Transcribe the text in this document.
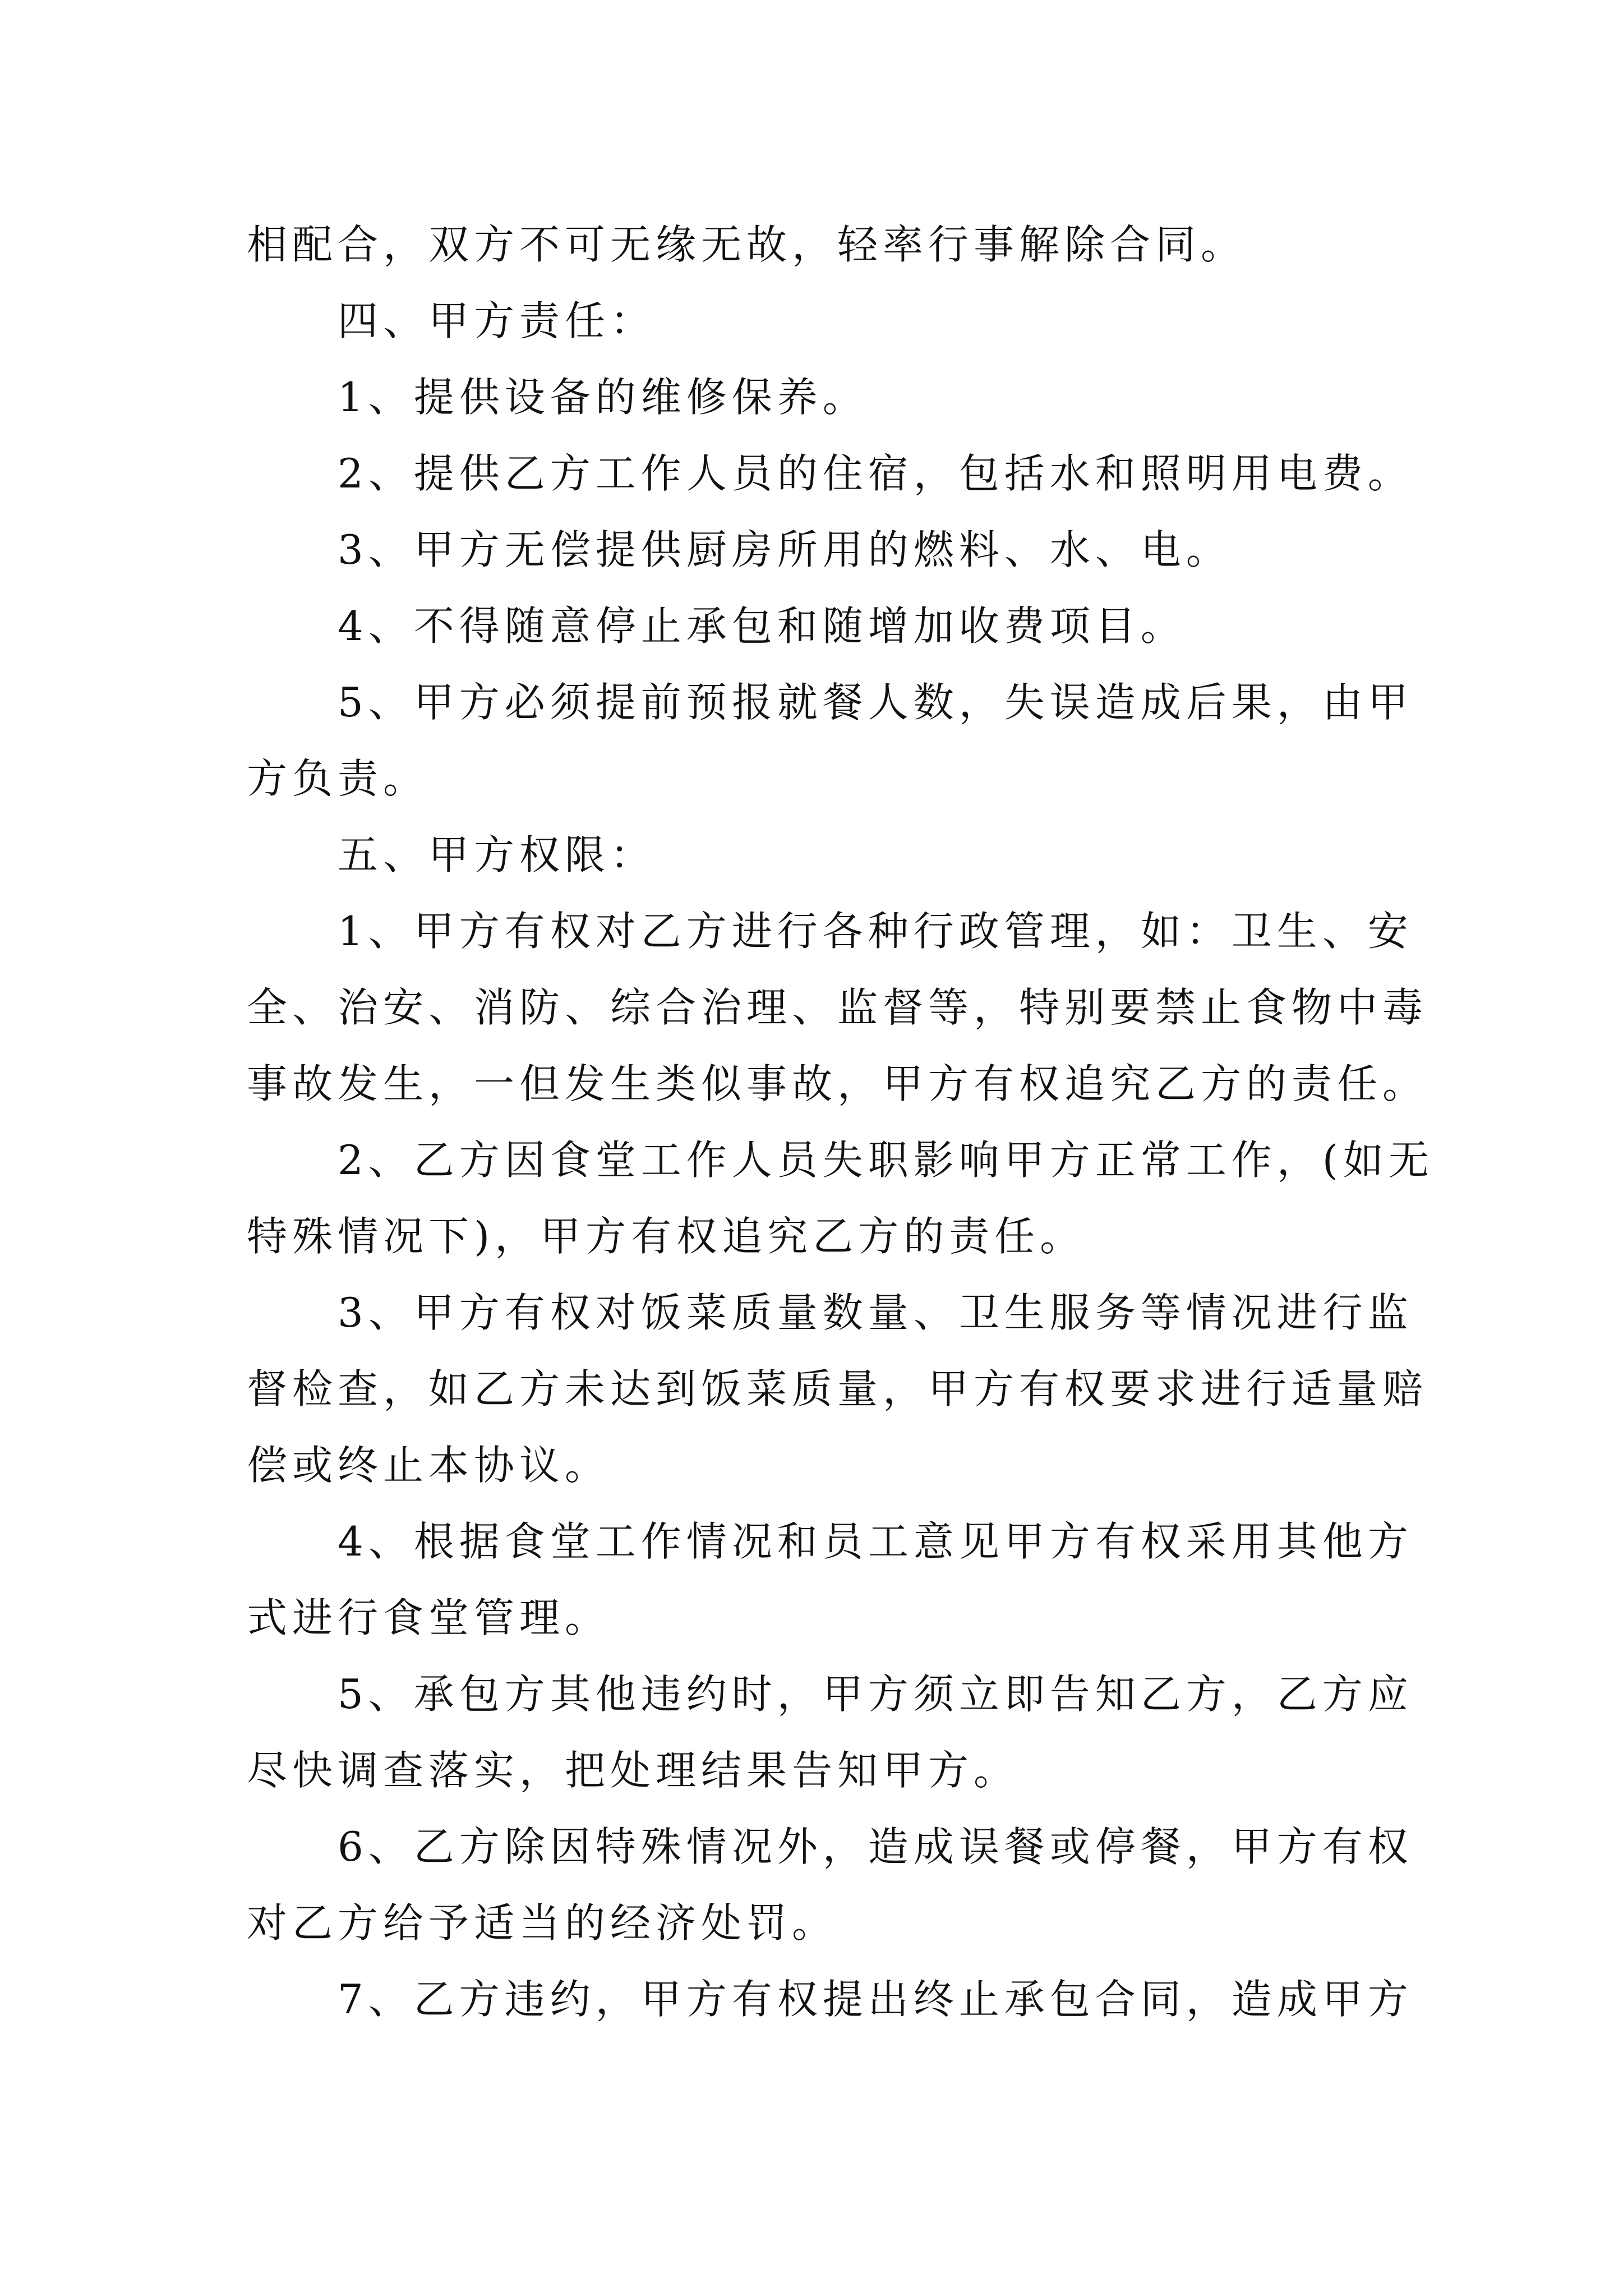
相配合，双方不可无缘无故，轻率行事解除合同。
四、甲方责任：
1、提供设备的维修保养。
2、提供乙方工作人员的住宿，包括水和照明用电费。
3、甲方无偿提供厨房所用的燃料、水、电。
4、不得随意停止承包和随增加收费项目。
5、甲方必须提前预报就餐人数，失误造成后果，由甲
方负责。
五、甲方权限：
1、甲方有权对乙方进行各种行政管理，如：卫生、安
全、治安、消防、综合治理、监督等，特别要禁止食物中毒
事故发生，一但发生类似事故，甲方有权追究乙方的责任。
2、乙方因食堂工作人员失职影响甲方正常工作，(如无
特殊情况下)，甲方有权追究乙方的责任。
3、甲方有权对饭菜质量数量、卫生服务等情况进行监
督检查，如乙方未达到饭菜质量，甲方有权要求进行适量赔
偿或终止本协议。
4、根据食堂工作情况和员工意见甲方有权采用其他方
式进行食堂管理。
5、承包方其他违约时，甲方须立即告知乙方，乙方应
尽快调查落实，把处理结果告知甲方。
6、乙方除因特殊情况外，造成误餐或停餐，甲方有权
对乙方给予适当的经济处罚。
7、乙方违约，甲方有权提出终止承包合同，造成甲方
